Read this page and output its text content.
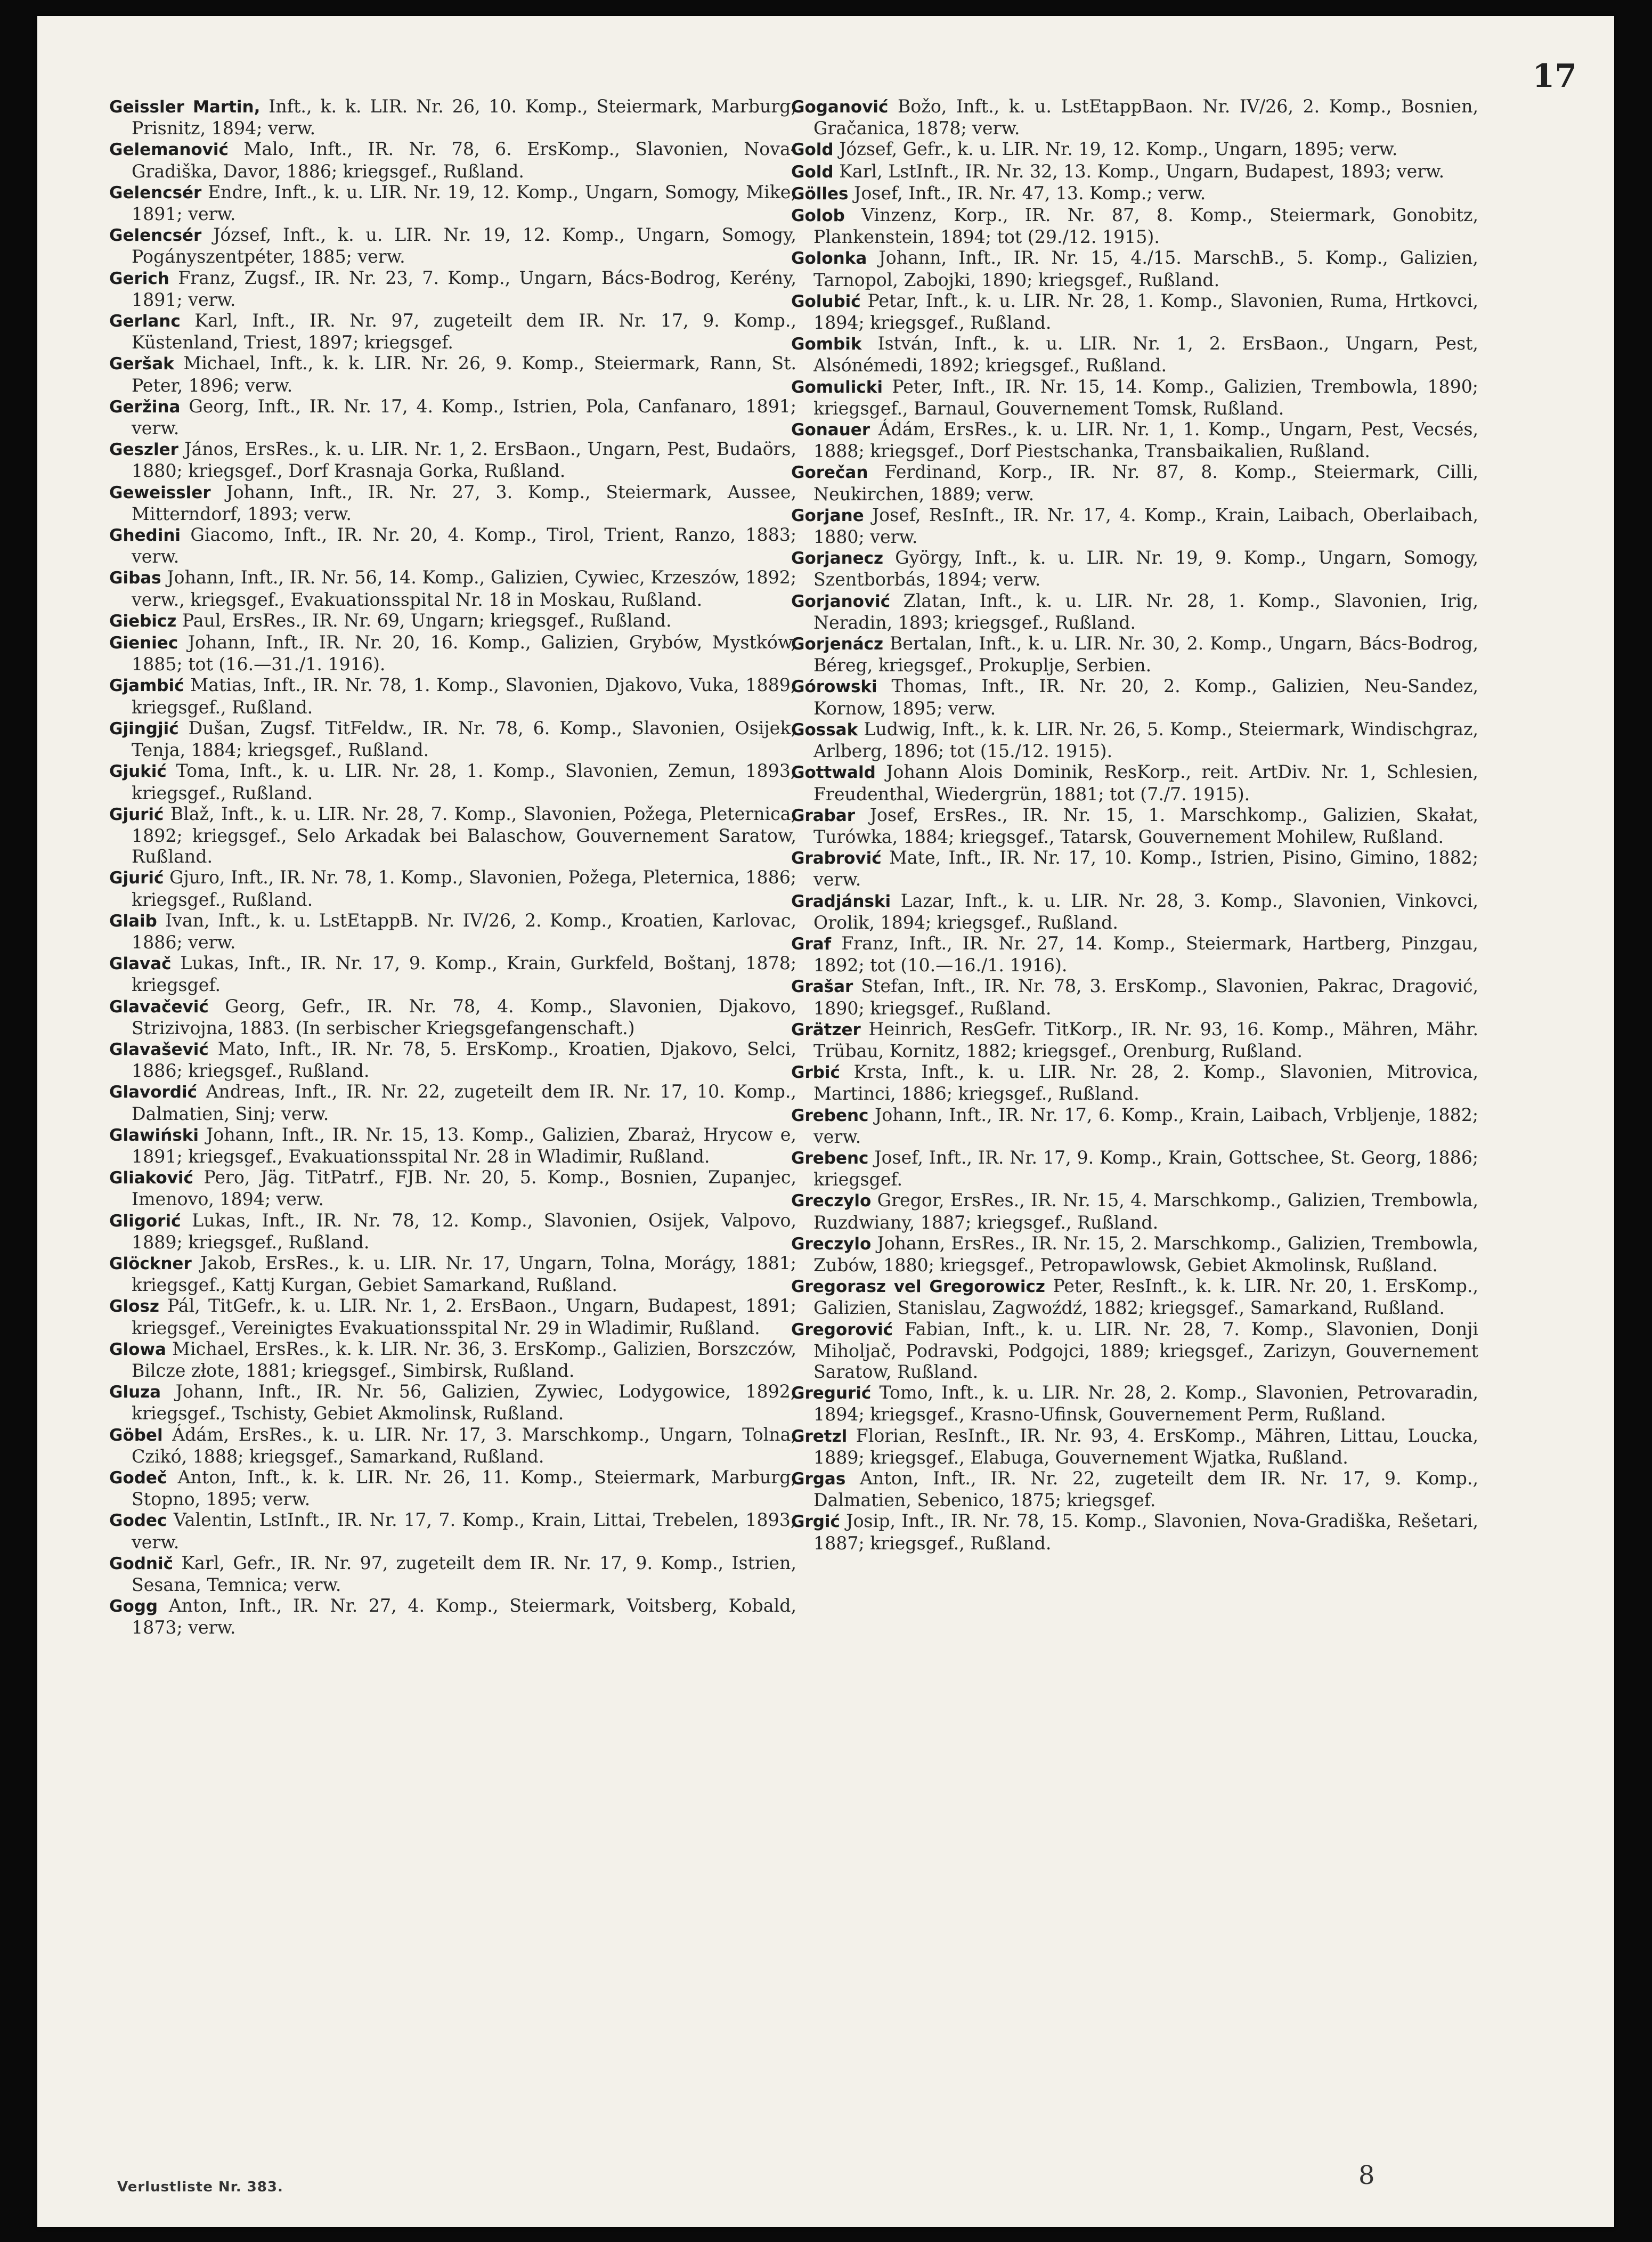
17

Geissler Martin, Inft., k. k. LIR. Nr. 26, 10. Komp., Steiermark, Marburg, Prisnitz, 1894; verw.

Gelemanović Malo, Inft., IR. Nr. 78, 6. ErsKomp., Slavonien, Nova-Gradiška, Davor, 1886; kriegsgef., Rußland.

Gelencsér Endre, Inft., k. u. LIR. Nr. 19, 12. Komp., Ungarn, Somogy, Mike, 1891; verw.

Gelencsér József, Inft., k. u. LIR. Nr. 19, 12. Komp., Ungarn, Somogy, Pogányszentpéter, 1885; verw.

Gerich Franz, Zugsf., IR. Nr. 23, 7. Komp., Ungarn, Bács-Bodrog, Kerény, 1891; verw.

Gerlanc Karl, Inft., IR. Nr. 97, zugeteilt dem IR. Nr. 17, 9. Komp., Küstenland, Triest, 1897; kriegsgef.

Geršak Michael, Inft., k. k. LIR. Nr. 26, 9. Komp., Steiermark, Rann, St. Peter, 1896; verw.

Geržina Georg, Inft., IR. Nr. 17, 4. Komp., Istrien, Pola, Canfanaro, 1891; verw.

Geszler János, ErsRes., k. u. LIR. Nr. 1, 2. ErsBaon., Ungarn, Pest, Budaörs, 1880; kriegsgef., Dorf Krasnaja Gorka, Rußland.

Geweissler Johann, Inft., IR. Nr. 27, 3. Komp., Steiermark, Aussee, Mitterndorf, 1893; verw.

Ghedini Giacomo, Inft., IR. Nr. 20, 4. Komp., Tirol, Trient, Ranzo, 1883; verw.

Gibas Johann, Inft., IR. Nr. 56, 14. Komp., Galizien, Cywiec, Krzeszów, 1892; verw., kriegsgef., Evakuationsspital Nr. 18 in Moskau, Rußland.

Giebicz Paul, ErsRes., IR. Nr. 69, Ungarn; kriegsgef., Rußland.

Gieniec Johann, Inft., IR. Nr. 20, 16. Komp., Galizien, Grybów, Mystków, 1885; tot (16.—31./1. 1916).

Gjambić Matias, Inft., IR. Nr. 78, 1. Komp., Slavonien, Djakovo, Vuka, 1889; kriegsgef., Rußland.

Gjingjić Dušan, Zugsf. TitFeldw., IR. Nr. 78, 6. Komp., Slavonien, Osijek, Tenja, 1884; kriegsgef., Rußland.

Gjukić Toma, Inft., k. u. LIR. Nr. 28, 1. Komp., Slavonien, Zemun, 1893; kriegsgef., Rußland.

Gjurić Blaž, Inft., k. u. LIR. Nr. 28, 7. Komp., Slavonien, Požega, Pleternica, 1892; kriegsgef., Selo Arkadak bei Balaschow, Gouvernement Saratow, Rußland.

Gjurić Gjuro, Inft., IR. Nr. 78, 1. Komp., Slavonien, Požega, Pleternica, 1886; kriegsgef., Rußland.

Glaib Ivan, Inft., k. u. LstEtappB. Nr. IV/26, 2. Komp., Kroatien, Karlovac, 1886; verw.

Glavač Lukas, Inft., IR. Nr. 17, 9. Komp., Krain, Gurkfeld, Boštanj, 1878; kriegsgef.

Glavačević Georg, Gefr., IR. Nr. 78, 4. Komp., Slavonien, Djakovo, Strizivojna, 1883. (In serbischer Kriegsgefangenschaft.)

Glavašević Mato, Inft., IR. Nr. 78, 5. ErsKomp., Kroatien, Djakovo, Selci, 1886; kriegsgef., Rußland.

Glavordić Andreas, Inft., IR. Nr. 22, zugeteilt dem IR. Nr. 17, 10. Komp., Dalmatien, Sinj; verw.

Glawiński Johann, Inft., IR. Nr. 15, 13. Komp., Galizien, Zbaraż, Hrycow e, 1891; kriegsgef., Evakuationsspital Nr. 28 in Wladimir, Rußland.

Gliaković Pero, Jäg. TitPatrf., FJB. Nr. 20, 5. Komp., Bosnien, Zupanjec, Imenovo, 1894; verw.

Gligorić Lukas, Inft., IR. Nr. 78, 12. Komp., Slavonien, Osijek, Valpovo, 1889; kriegsgef., Rußland.

Glöckner Jakob, ErsRes., k. u. LIR. Nr. 17, Ungarn, Tolna, Morágy, 1881; kriegsgef., Kattj Kurgan, Gebiet Samarkand, Rußland.

Glosz Pál, TitGefr., k. u. LIR. Nr. 1, 2. ErsBaon., Ungarn, Budapest, 1891; kriegsgef., Vereinigtes Evakuationsspital Nr. 29 in Wladimir, Rußland.

Glowa Michael, ErsRes., k. k. LIR. Nr. 36, 3. ErsKomp., Galizien, Borszczów, Bilcze złote, 1881; kriegsgef., Simbirsk, Rußland.

Gluza Johann, Inft., IR. Nr. 56, Galizien, Zywiec, Lodygowice, 1892; kriegsgef., Tschisty, Gebiet Akmolinsk, Rußland.

Göbel Ádám, ErsRes., k. u. LIR. Nr. 17, 3. Marschkomp., Ungarn, Tolna, Czikó, 1888; kriegsgef., Samarkand, Rußland.

Godeč Anton, Inft., k. k. LIR. Nr. 26, 11. Komp., Steiermark, Marburg, Stopno, 1895; verw.

Godec Valentin, LstInft., IR. Nr. 17, 7. Komp., Krain, Littai, Trebelen, 1893; verw.

Godnič Karl, Gefr., IR. Nr. 97, zugeteilt dem IR. Nr. 17, 9. Komp., Istrien, Sesana, Temnica; verw.

Gogg Anton, Inft., IR. Nr. 27, 4. Komp., Steiermark, Voitsberg, Kobald, 1873; verw.

Goganović Božo, Inft., k. u. LstEtappBaon. Nr. IV/26, 2. Komp., Bosnien, Gračanica, 1878; verw.

Gold József, Gefr., k. u. LIR. Nr. 19, 12. Komp., Ungarn, 1895; verw.

Gold Karl, LstInft., IR. Nr. 32, 13. Komp., Ungarn, Budapest, 1893; verw.

Gölles Josef, Inft., IR. Nr. 47, 13. Komp.; verw.

Golob Vinzenz, Korp., IR. Nr. 87, 8. Komp., Steiermark, Gonobitz, Plankenstein, 1894; tot (29./12. 1915).

Golonka Johann, Inft., IR. Nr. 15, 4./15. MarschB., 5. Komp., Galizien, Tarnopol, Zabojki, 1890; kriegsgef., Rußland.

Golubić Petar, Inft., k. u. LIR. Nr. 28, 1. Komp., Slavonien, Ruma, Hrtkovci, 1894; kriegsgef., Rußland.

Gombik István, Inft., k. u. LIR. Nr. 1, 2. ErsBaon., Ungarn, Pest, Alsónémedi, 1892; kriegsgef., Rußland.

Gomulicki Peter, Inft., IR. Nr. 15, 14. Komp., Galizien, Trembowla, 1890; kriegsgef., Barnaul, Gouvernement Tomsk, Rußland.

Gonauer Ádám, ErsRes., k. u. LIR. Nr. 1, 1. Komp., Ungarn, Pest, Vecsés, 1888; kriegsgef., Dorf Piestschanka, Transbaikalien, Rußland.

Gorečan Ferdinand, Korp., IR. Nr. 87, 8. Komp., Steiermark, Cilli, Neukirchen, 1889; verw.

Gorjane Josef, ResInft., IR. Nr. 17, 4. Komp., Krain, Laibach, Oberlaibach, 1880; verw.

Gorjanecz György, Inft., k. u. LIR. Nr. 19, 9. Komp., Ungarn, Somogy, Szentborbás, 1894; verw.

Gorjanović Zlatan, Inft., k. u. LIR. Nr. 28, 1. Komp., Slavonien, Irig, Neradin, 1893; kriegsgef., Rußland.

Gorjenácz Bertalan, Inft., k. u. LIR. Nr. 30, 2. Komp., Ungarn, Bács-Bodrog, Béreg, kriegsgef., Prokuplje, Serbien.

Górowski Thomas, Inft., IR. Nr. 20, 2. Komp., Galizien, Neu-Sandez, Kornow, 1895; verw.

Gossak Ludwig, Inft., k. k. LIR. Nr. 26, 5. Komp., Steiermark, Windischgraz, Arlberg, 1896; tot (15./12. 1915).

Gottwald Johann Alois Dominik, ResKorp., reit. ArtDiv. Nr. 1, Schlesien, Freudenthal, Wiedergrün, 1881; tot (7./7. 1915).

Grabar Josef, ErsRes., IR. Nr. 15, 1. Marschkomp., Galizien, Skałat, Turówka, 1884; kriegsgef., Tatarsk, Gouvernement Mohilew, Rußland.

Grabrović Mate, Inft., IR. Nr. 17, 10. Komp., Istrien, Pisino, Gimino, 1882; verw.

Gradjánski Lazar, Inft., k. u. LIR. Nr. 28, 3. Komp., Slavonien, Vinkovci, Orolik, 1894; kriegsgef., Rußland.

Graf Franz, Inft., IR. Nr. 27, 14. Komp., Steiermark, Hartberg, Pinzgau, 1892; tot (10.—16./1. 1916).

Grašar Stefan, Inft., IR. Nr. 78, 3. ErsKomp., Slavonien, Pakrac, Dragović, 1890; kriegsgef., Rußland.

Grätzer Heinrich, ResGefr. TitKorp., IR. Nr. 93, 16. Komp., Mähren, Mähr. Trübau, Kornitz, 1882; kriegsgef., Orenburg, Rußland.

Grbić Krsta, Inft., k. u. LIR. Nr. 28, 2. Komp., Slavonien, Mitrovica, Martinci, 1886; kriegsgef., Rußland.

Grebenc Johann, Inft., IR. Nr. 17, 6. Komp., Krain, Laibach, Vrbljenje, 1882; verw.

Grebenc Josef, Inft., IR. Nr. 17, 9. Komp., Krain, Gottschee, St. Georg, 1886; kriegsgef.

Greczylo Gregor, ErsRes., IR. Nr. 15, 4. Marschkomp., Galizien, Trembowla, Ruzdwiany, 1887; kriegsgef., Rußland.

Greczylo Johann, ErsRes., IR. Nr. 15, 2. Marschkomp., Galizien, Trembowla, Zubów, 1880; kriegsgef., Petropawlowsk, Gebiet Akmolinsk, Rußland.

Gregorasz vel Gregorowicz Peter, ResInft., k. k. LIR. Nr. 20, 1. ErsKomp., Galizien, Stanislau, Zagwoźdź, 1882; kriegsgef., Samarkand, Rußland.

Gregorović Fabian, Inft., k. u. LIR. Nr. 28, 7. Komp., Slavonien, Donji Miholjač, Podravski, Podgojci, 1889; kriegsgef., Zarizyn, Gouvernement Saratow, Rußland.

Gregurić Tomo, Inft., k. u. LIR. Nr. 28, 2. Komp., Slavonien, Petrovaradin, 1894; kriegsgef., Krasno-Ufinsk, Gouvernement Perm, Rußland.

Gretzl Florian, ResInft., IR. Nr. 93, 4. ErsKomp., Mähren, Littau, Loucka, 1889; kriegsgef., Elabuga, Gouvernement Wjatka, Rußland.

Grgas Anton, Inft., IR. Nr. 22, zugeteilt dem IR. Nr. 17, 9. Komp., Dalmatien, Sebenico, 1875; kriegsgef.

Grgić Josip, Inft., IR. Nr. 78, 15. Komp., Slavonien, Nova-Gradiška, Rešetari, 1887; kriegsgef., Rußland.

Verlustliste Nr. 383.	8
